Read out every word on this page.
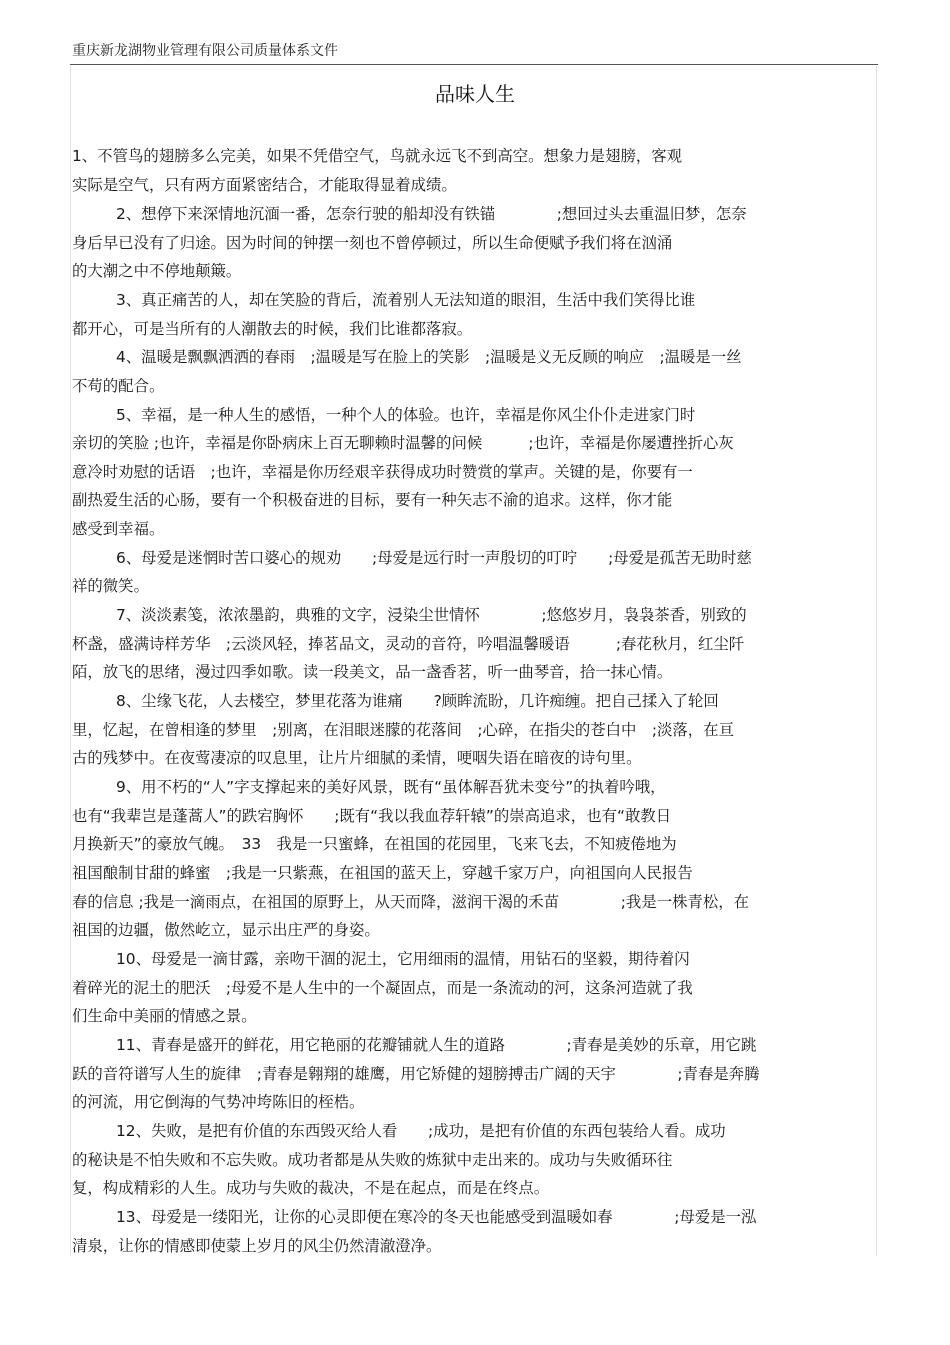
重庆新龙湖物业管理有限公司质量体系文件
品味人生
1、不管鸟的翅膀多么完美，如果不凭借空气，鸟就永远飞不到高空。想象力是翅膀，客观
实际是空气，只有两方面紧密结合，才能取得显着成绩。
2、想停下来深情地沉湎一番，怎奈行驶的船却没有铁锚　　　　;想回过头去重温旧梦，怎奈
身后早已没有了归途。因为时间的钟摆一刻也不曾停顿过，所以生命便赋予我们将在汹涌
的大潮之中不停地颠簸。
3、真正痛苦的人，却在笑脸的背后，流着别人无法知道的眼泪，生活中我们笑得比谁
都开心，可是当所有的人潮散去的时候，我们比谁都落寂。
4、温暖是飘飘洒洒的春雨　;温暖是写在脸上的笑影　;温暖是义无反顾的响应　;温暖是一丝
不苟的配合。
5、幸福，是一种人生的感悟，一种个人的体验。也许，幸福是你风尘仆仆走进家门时
亲切的笑脸 ;也许，幸福是你卧病床上百无聊赖时温馨的问候　　　;也许，幸福是你屡遭挫折心灰
意冷时劝慰的话语　;也许，幸福是你历经艰辛获得成功时赞赏的掌声。关键的是，你要有一
副热爱生活的心肠，要有一个积极奋进的目标，要有一种矢志不渝的追求。这样，你才能
感受到幸福。
6、母爱是迷惘时苦口婆心的规劝　　;母爱是远行时一声殷切的叮咛　　;母爱是孤苦无助时慈
祥的微笑。
7、淡淡素笺，浓浓墨韵，典雅的文字，浸染尘世情怀　　　　;悠悠岁月，袅袅茶香，别致的
杯盏，盛满诗样芳华　;云淡风轻，捧茗品文，灵动的音符，吟唱温馨暖语　　　;春花秋月，红尘阡
陌，放飞的思绪，漫过四季如歌。读一段美文，品一盏香茗，听一曲琴音，拾一抹心情。
8、尘缘飞花，人去楼空，梦里花落为谁痛　　?顾眸流盼，几许痴缠。把自己揉入了轮回
里，忆起，在曾相逢的梦里　;别离，在泪眼迷朦的花落间　;心碎，在指尖的苍白中　;淡落，在亘
古的残梦中。在夜莺凄凉的叹息里，让片片细腻的柔情，哽咽失语在暗夜的诗句里。
9、用不朽的“人”字支撑起来的美好风景，既有“虽体解吾犹未变兮”的执着吟哦，
也有“我辈岂是蓬蒿人”的跌宕胸怀　　;既有“我以我血荐轩辕”的崇高追求，也有“敢教日
月换新天”的豪放气魄。　33　我是一只蜜蜂，在祖国的花园里，飞来飞去，不知疲倦地为
祖国酿制甘甜的蜂蜜　;我是一只紫燕，在祖国的蓝天上，穿越千家万户，向祖国向人民报告
春的信息 ;我是一滴雨点，在祖国的原野上，从天而降，滋润干渴的禾苗　　　　;我是一株青松，在
祖国的边疆，傲然屹立，显示出庄严的身姿。
10、母爱是一滴甘露，亲吻干涸的泥土，它用细雨的温情，用钻石的坚毅，期待着闪
着碎光的泥土的肥沃　;母爱不是人生中的一个凝固点，而是一条流动的河，这条河造就了我
们生命中美丽的情感之景。
11、青春是盛开的鲜花，用它艳丽的花瓣铺就人生的道路　　　　;青春是美妙的乐章，用它跳
跃的音符谱写人生的旋律　;青春是翱翔的雄鹰，用它矫健的翅膀搏击广阔的天宇　　　　;青春是奔腾
的河流，用它倒海的气势冲垮陈旧的桎梏。
12、失败，是把有价值的东西毁灭给人看　　;成功，是把有价值的东西包装给人看。成功
的秘诀是不怕失败和不忘失败。成功者都是从失败的炼狱中走出来的。成功与失败循环往
复，构成精彩的人生。成功与失败的裁决，不是在起点，而是在终点。
13、母爱是一缕阳光，让你的心灵即便在寒冷的冬天也能感受到温暖如春　　　　;母爱是一泓
清泉，让你的情感即使蒙上岁月的风尘仍然清澈澄净。
